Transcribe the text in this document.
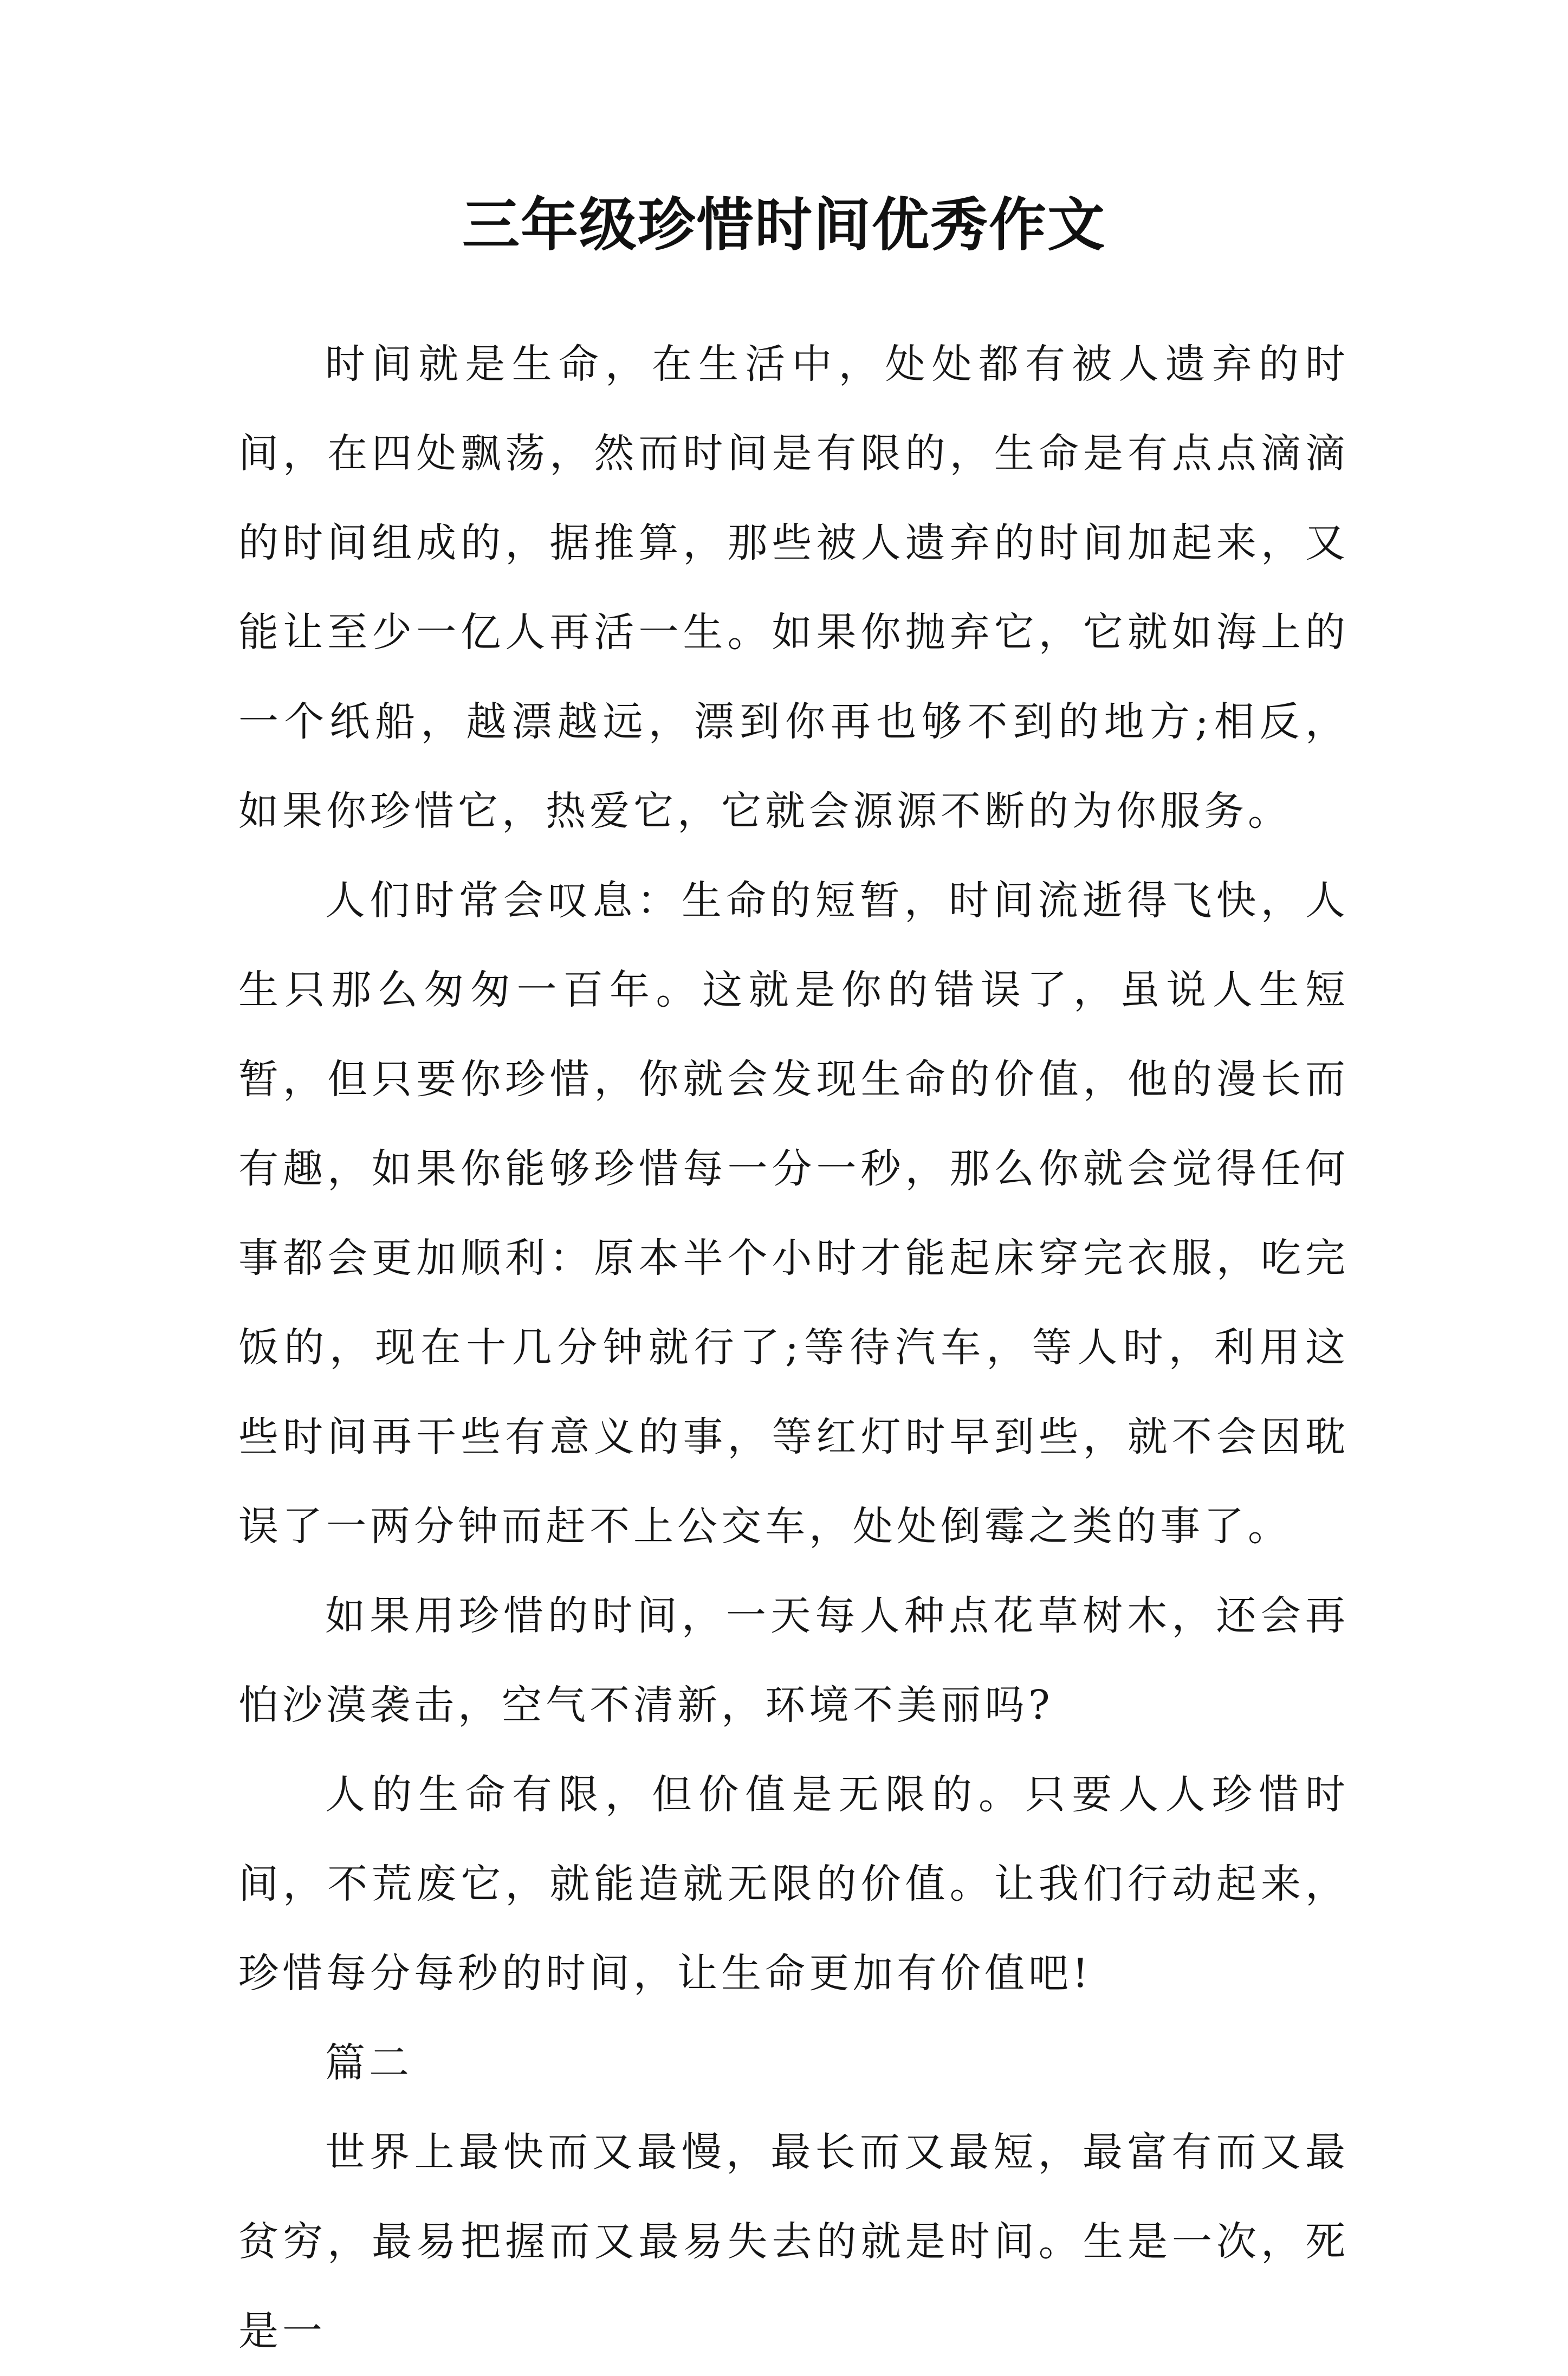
三年级珍惜时间优秀作文

时间就是生命，在生活中，处处都有被人遗弃的时间，在四处飘荡，然而时间是有限的，生命是有点点滴滴的时间组成的，据推算，那些被人遗弃的时间加起来，又能让至少一亿人再活一生。如果你抛弃它，它就如海上的一个纸船，越漂越远，漂到你再也够不到的地方;相反，如果你珍惜它，热爱它，它就会源源不断的为你服务。

人们时常会叹息：生命的短暂，时间流逝得飞快，人生只那么匆匆一百年。这就是你的错误了，虽说人生短暂，但只要你珍惜，你就会发现生命的价值，他的漫长而有趣，如果你能够珍惜每一分一秒，那么你就会觉得任何事都会更加顺利：原本半个小时才能起床穿完衣服，吃完饭的，现在十几分钟就行了;等待汽车，等人时，利用这些时间再干些有意义的事，等红灯时早到些，就不会因耽误了一两分钟而赶不上公交车，处处倒霉之类的事了。

如果用珍惜的时间，一天每人种点花草树木，还会再怕沙漠袭击，空气不清新，环境不美丽吗?

人的生命有限，但价值是无限的。只要人人珍惜时间，不荒废它，就能造就无限的价值。让我们行动起来，珍惜每分每秒的时间，让生命更加有价值吧!

篇二

世界上最快而又最慢，最长而又最短，最富有而又最贫穷，最易把握而又最易失去的就是时间。生是一次，死是一
